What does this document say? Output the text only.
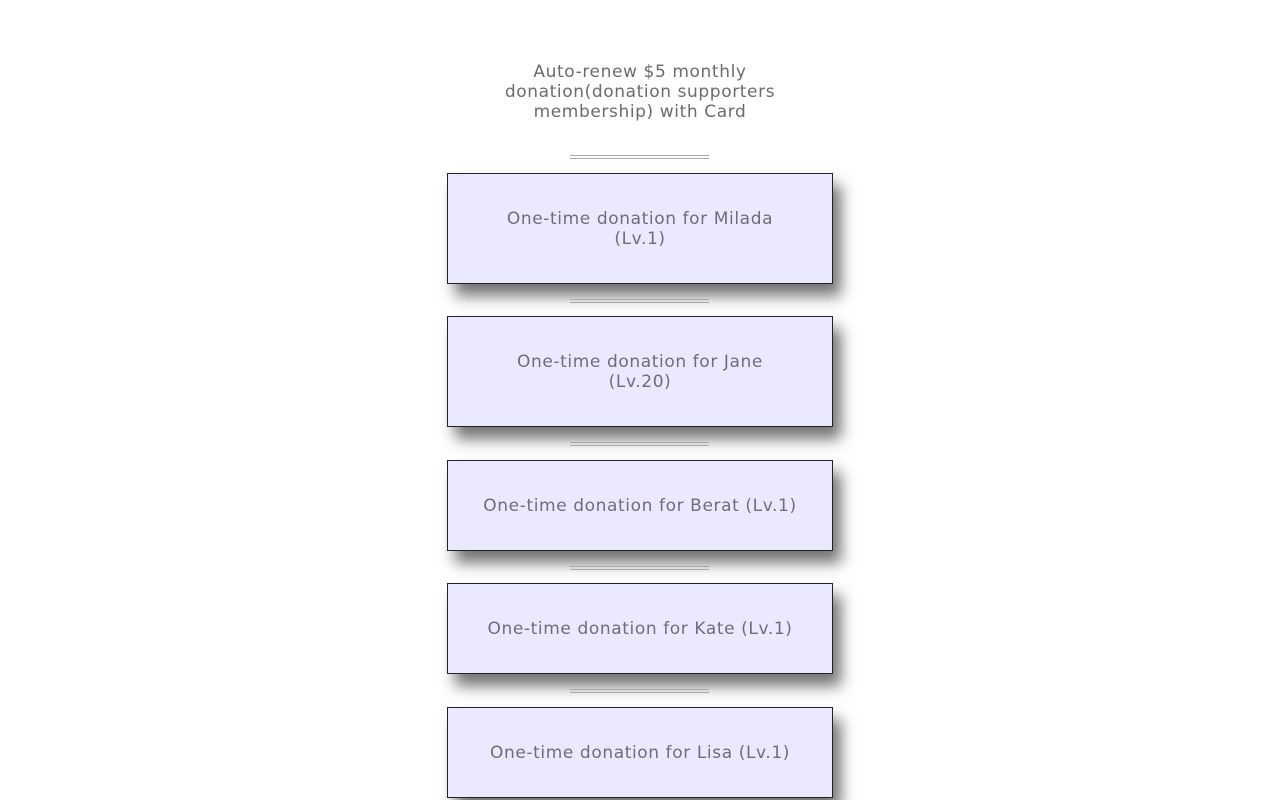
Auto-renew $5 monthly donation(donation supporters membership) with Card
One-time donation for Milada (Lv.1)
One-time donation for Jane (Lv.20)
One-time donation for Berat (Lv.1)
One-time donation for Kate (Lv.1)
One-time donation for Lisa (Lv.1)
